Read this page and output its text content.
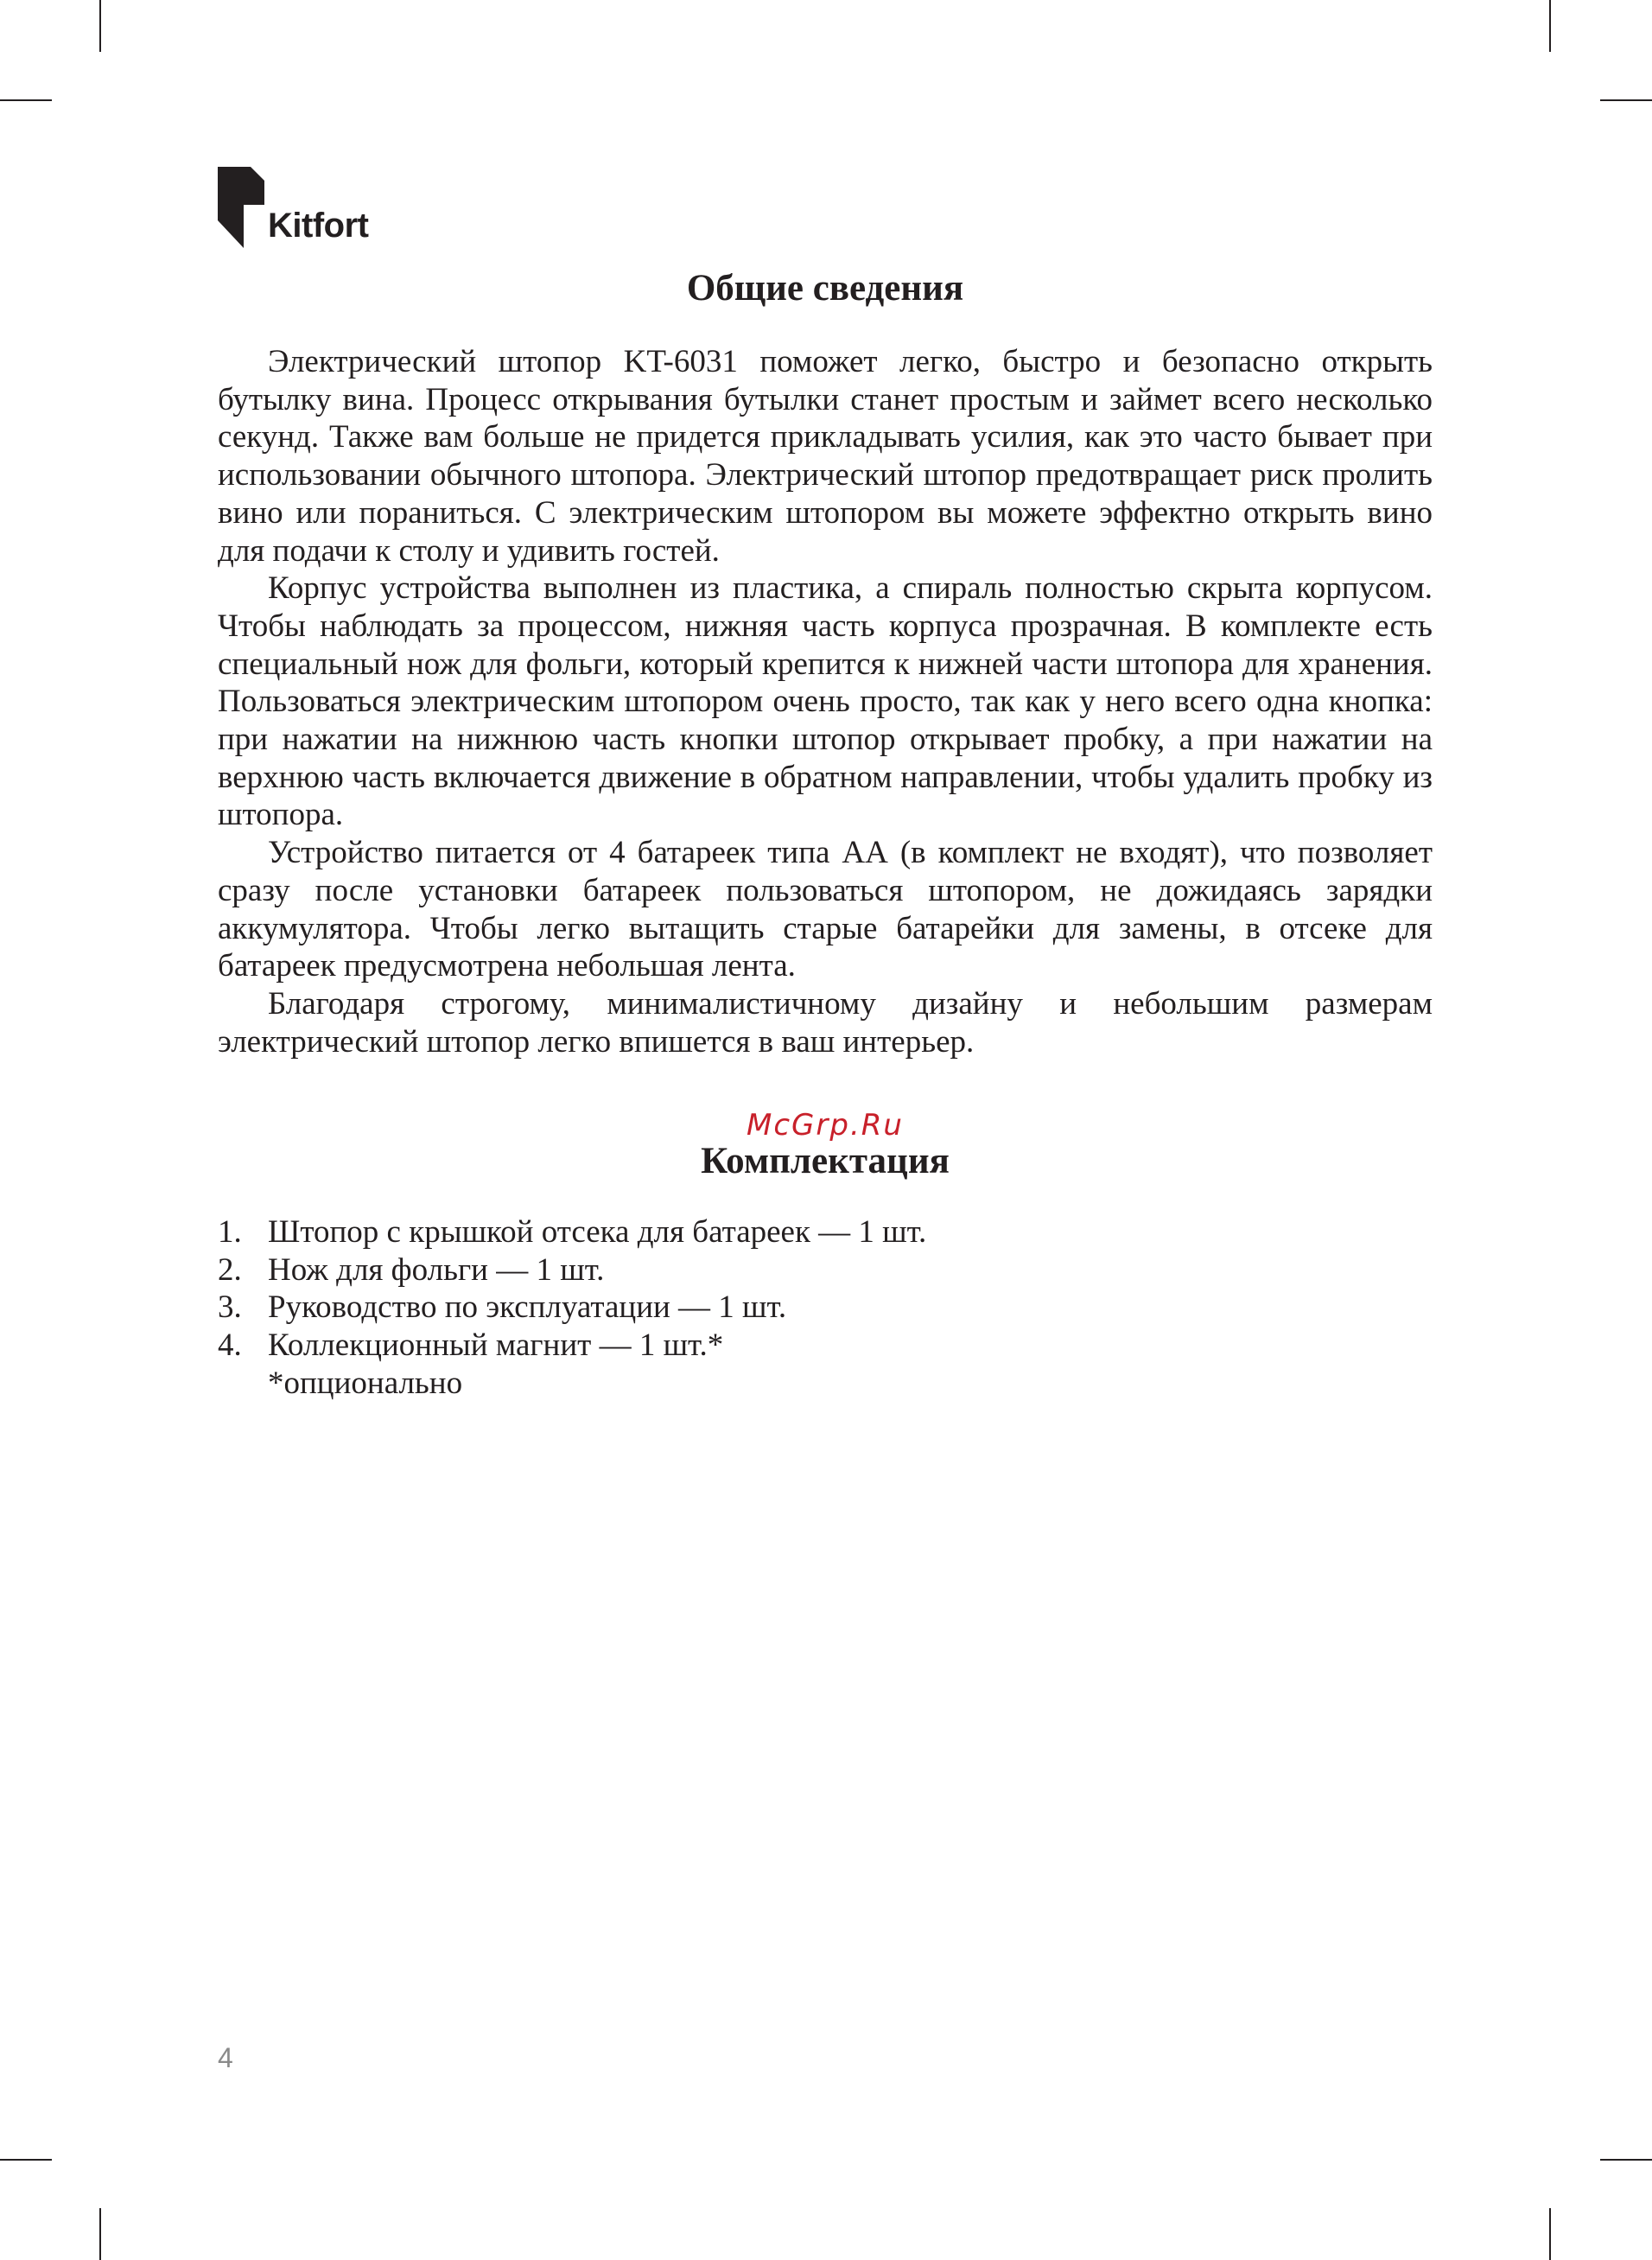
Kitfort
Общие сведения

Электрический штопор KT-6031 поможет легко, быстро и безопасно открыть бутылку вина. Процесс открывания бутылки станет простым и займет всего несколько секунд. Также вам больше не придется прикладывать усилия, как это часто бывает при использовании обычного штопора. Электрический штопор предотвращает риск пролить вино или пораниться. С электрическим штопором вы можете эффектно открыть вино для подачи к столу и удивить гостей.

Корпус устройства выполнен из пластика, а спираль полностью скрыта корпусом. Чтобы наблюдать за процессом, нижняя часть корпуса прозрачная. В комплекте есть специальный нож для фольги, который крепится к нижней части штопора для хранения. Пользоваться электрическим штопором очень просто, так как у него всего одна кнопка: при нажатии на нижнюю часть кнопки штопор открывает пробку, а при нажатии на верхнюю часть включается движение в обратном направлении, чтобы удалить пробку из штопора.

Устройство питается от 4 батареек типа АА (в комплект не входят), что позволяет сразу после установки батареек пользоваться штопором, не дожидаясь зарядки аккумулятора. Чтобы легко вытащить старые батарейки для замены, в отсеке для батареек предусмотрена небольшая лента.

Благодаря строгому, минималистичному дизайну и небольшим размерам электрический штопор легко впишется в ваш интерьер.

McGrp.Ru
Комплектация
1. Штопор с крышкой отсека для батареек — 1 шт.
2. Нож для фольги — 1 шт.
3. Руководство по эксплуатации — 1 шт.
4. Коллекционный магнит — 1 шт.*
*опционально
4
